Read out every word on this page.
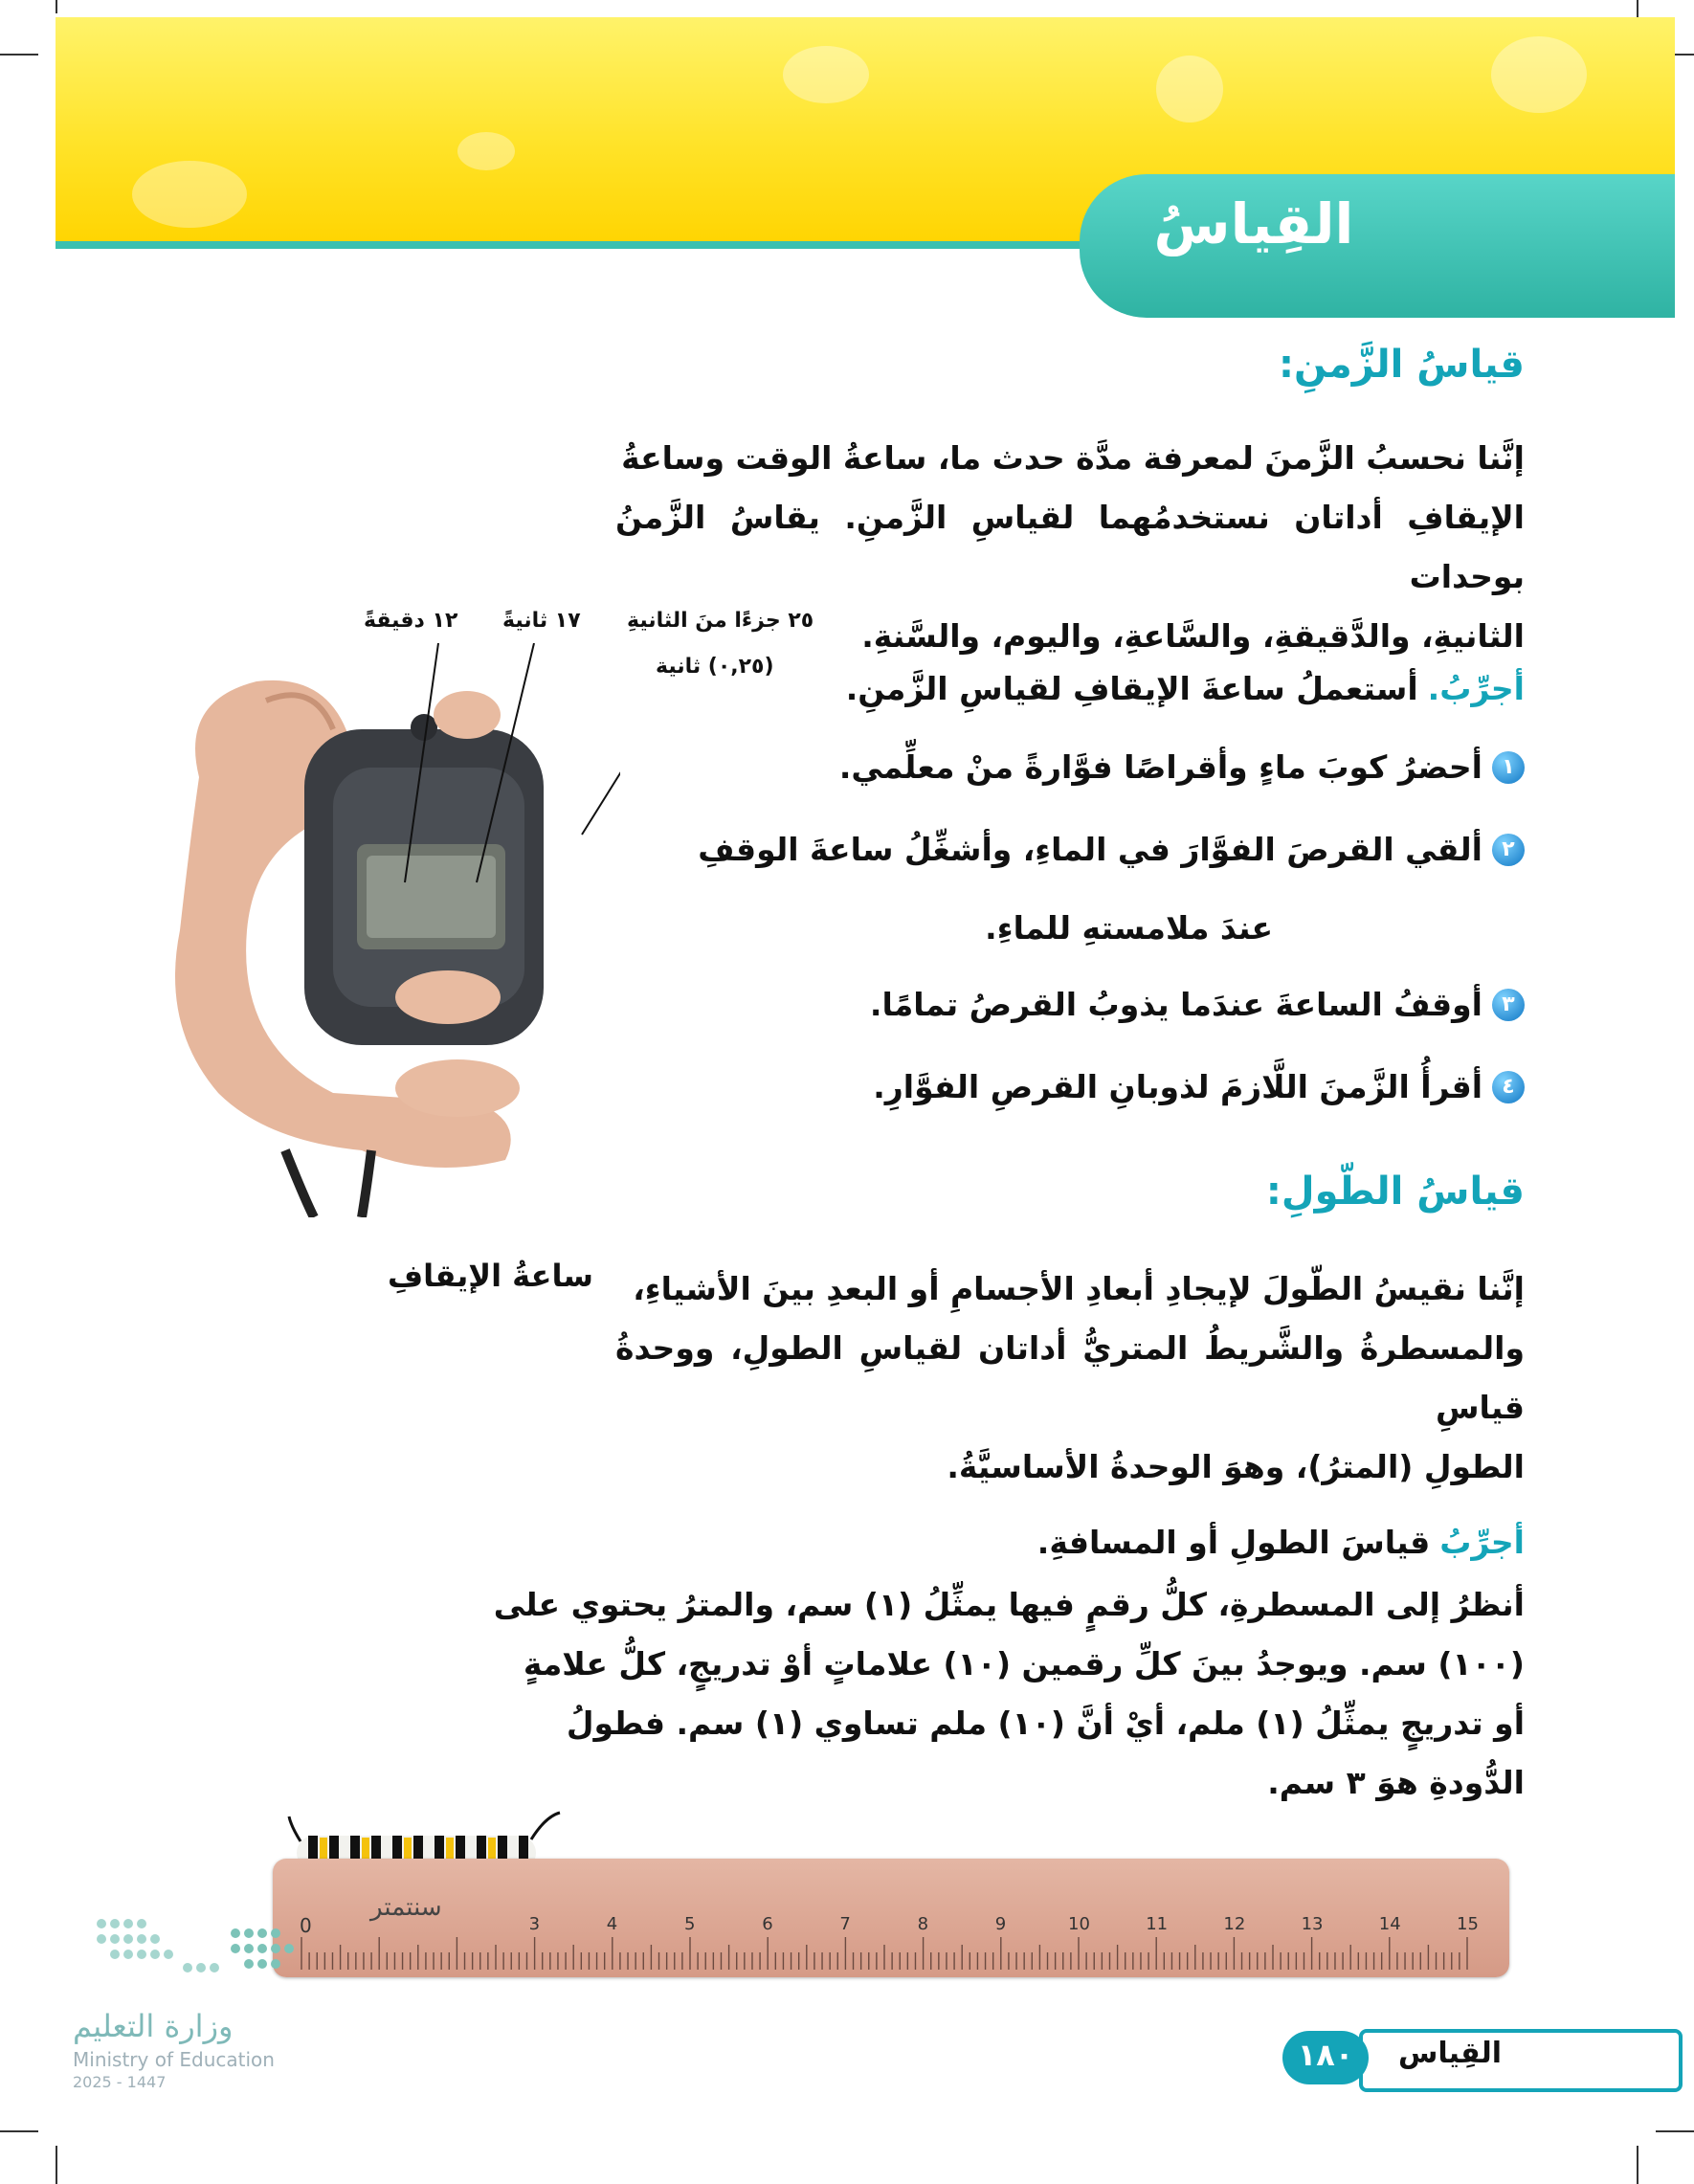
القِياسُ
قياسُ الزَّمنِ:

إنَّنا نحسبُ الزَّمنَ لمعرفة مدَّة حدث ما، ساعةُ الوقت وساعةُ

الإيقافِ أداتان نستخدمُهما لقياسِ الزَّمنِ. يقاسُ الزَّمنُ بوحدات

الثانيةِ، والدَّقيقةِ، والسَّاعةِ، واليوم، والسَّنةِ.

أجرِّبُ.
أستعملُ ساعةَ الإيقافِ لقياسِ الزَّمنِ.
١
أحضرُ كوبَ ماءٍ وأقراصًا فوَّارةً منْ معلِّمي.
٢
ألقي القرصَ الفوَّارَ في الماءِ، وأشغِّلُ ساعةَ الوقفِ
عندَ ملامستهِ للماءِ.
٣
أوقفُ الساعةَ عندَما يذوبُ القرصُ تمامًا.
٤
أقرأُ الزَّمنَ اللَّازمَ لذوبانِ القرصِ الفوَّارِ.
١٢ دقيقةً ١٧ ثانيةً ٢٥ جزءًا منَ الثانيةِ
(٠,٢٥) ثانية
ساعةُ الإيقافِ
قياسُ الطّولِ:

إنَّنا نقيسُ الطّولَ لإيجادِ أبعادِ الأجسامِ أو البعدِ بينَ الأشياءِ،

والمسطرةُ والشَّريطُ المتريُّ أداتان لقياسِ الطولِ، ووحدةُ قياسِ

الطولِ (المترُ)، وهوَ الوحدةُ الأساسيَّةُ.

أجرِّبُ
قياسَ الطولِ أو المسافةِ.

أنظرُ إلى المسطرةِ، كلُّ رقمٍ فيها يمثِّلُ (١) سم، والمترُ يحتوي على

(١٠٠) سم. ويوجدُ بينَ كلِّ رقمين (١٠) علاماتٍ أوْ تدريجٍ، كلُّ علامةٍ

أو تدريجٍ يمثِّلُ (١) ملم، أيْ أنَّ (١٠) ملم تساوي (١) سم. فطولُ

الدُّودةِ هوَ ٣ سم.

0
سنتمتر
3	4	5	6	7	8	9	10	11	12	13	14	15
وزارة التعليم
Ministry of Education
2025 - 1447
القِياس
١٨٠
